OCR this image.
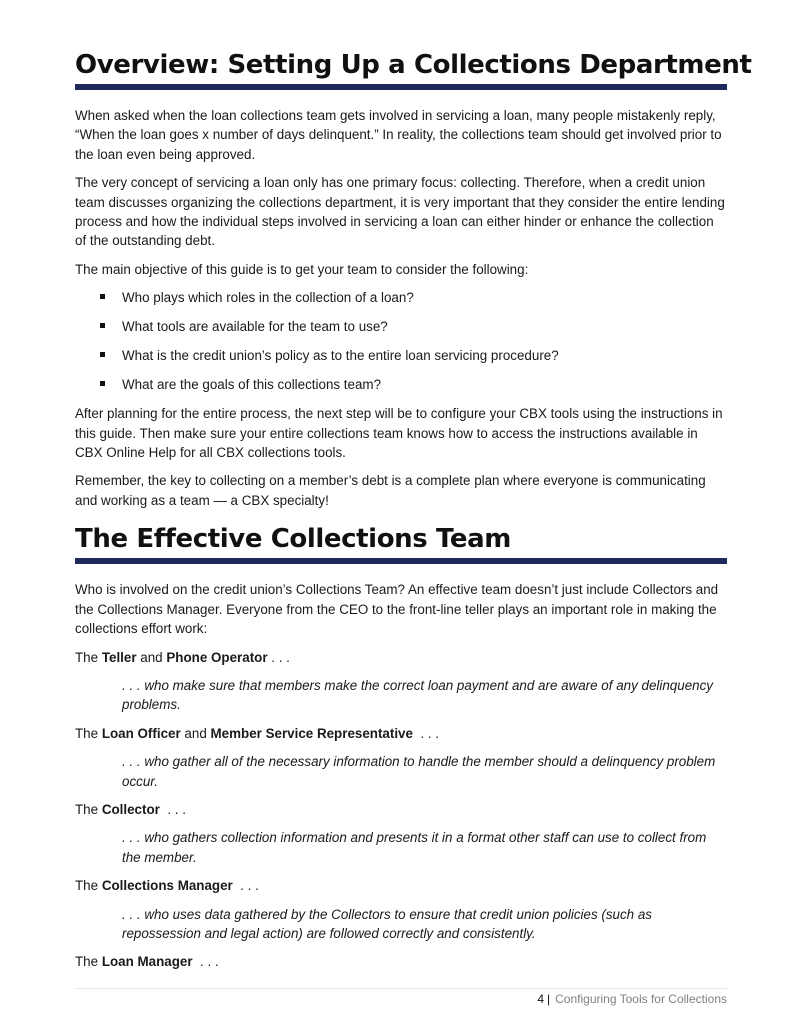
Overview: Setting Up a Collections Department

When asked when the loan collections team gets involved in servicing a loan, many people mistakenly reply, “When the loan goes x number of days delinquent.” In reality, the collections team should get involved prior to the loan even being approved.

The very concept of servicing a loan only has one primary focus: collecting. Therefore, when a credit union team discusses organizing the collections department, it is very important that they consider the entire lending process and how the individual steps involved in servicing a loan can either hinder or enhance the collection of the outstanding debt.

The main objective of this guide is to get your team to consider the following:

Who plays which roles in the collection of a loan?
What tools are available for the team to use?
What is the credit union’s policy as to the entire loan servicing procedure?
What are the goals of this collections team?

After planning for the entire process, the next step will be to configure your CBX tools using the instructions in this guide. Then make sure your entire collections team knows how to access the instructions available in CBX Online Help for all CBX collections tools.

Remember, the key to collecting on a member’s debt is a complete plan where everyone is communicating and working as a team — a CBX specialty!

The Effective Collections Team

Who is involved on the credit union’s Collections Team? An effective team doesn’t just include Collectors and the Collections Manager. Everyone from the CEO to the front-line teller plays an important role in making the collections effort work:

The Teller and Phone Operator . . .
. . . who make sure that members make the correct loan payment and are aware of any delinquency problems.
The Loan Officer and Member Service Representative . . .
. . . who gather all of the necessary information to handle the member should a delinquency problem occur.
The Collector . . .
. . . who gathers collection information and presents it in a format other staff can use to collect from the member.
The Collections Manager . . .
. . . who uses data gathered by the Collectors to ensure that credit union policies (such as repossession and legal action) are followed correctly and consistently.
The Loan Manager . . .
4 | Configuring Tools for Collections
